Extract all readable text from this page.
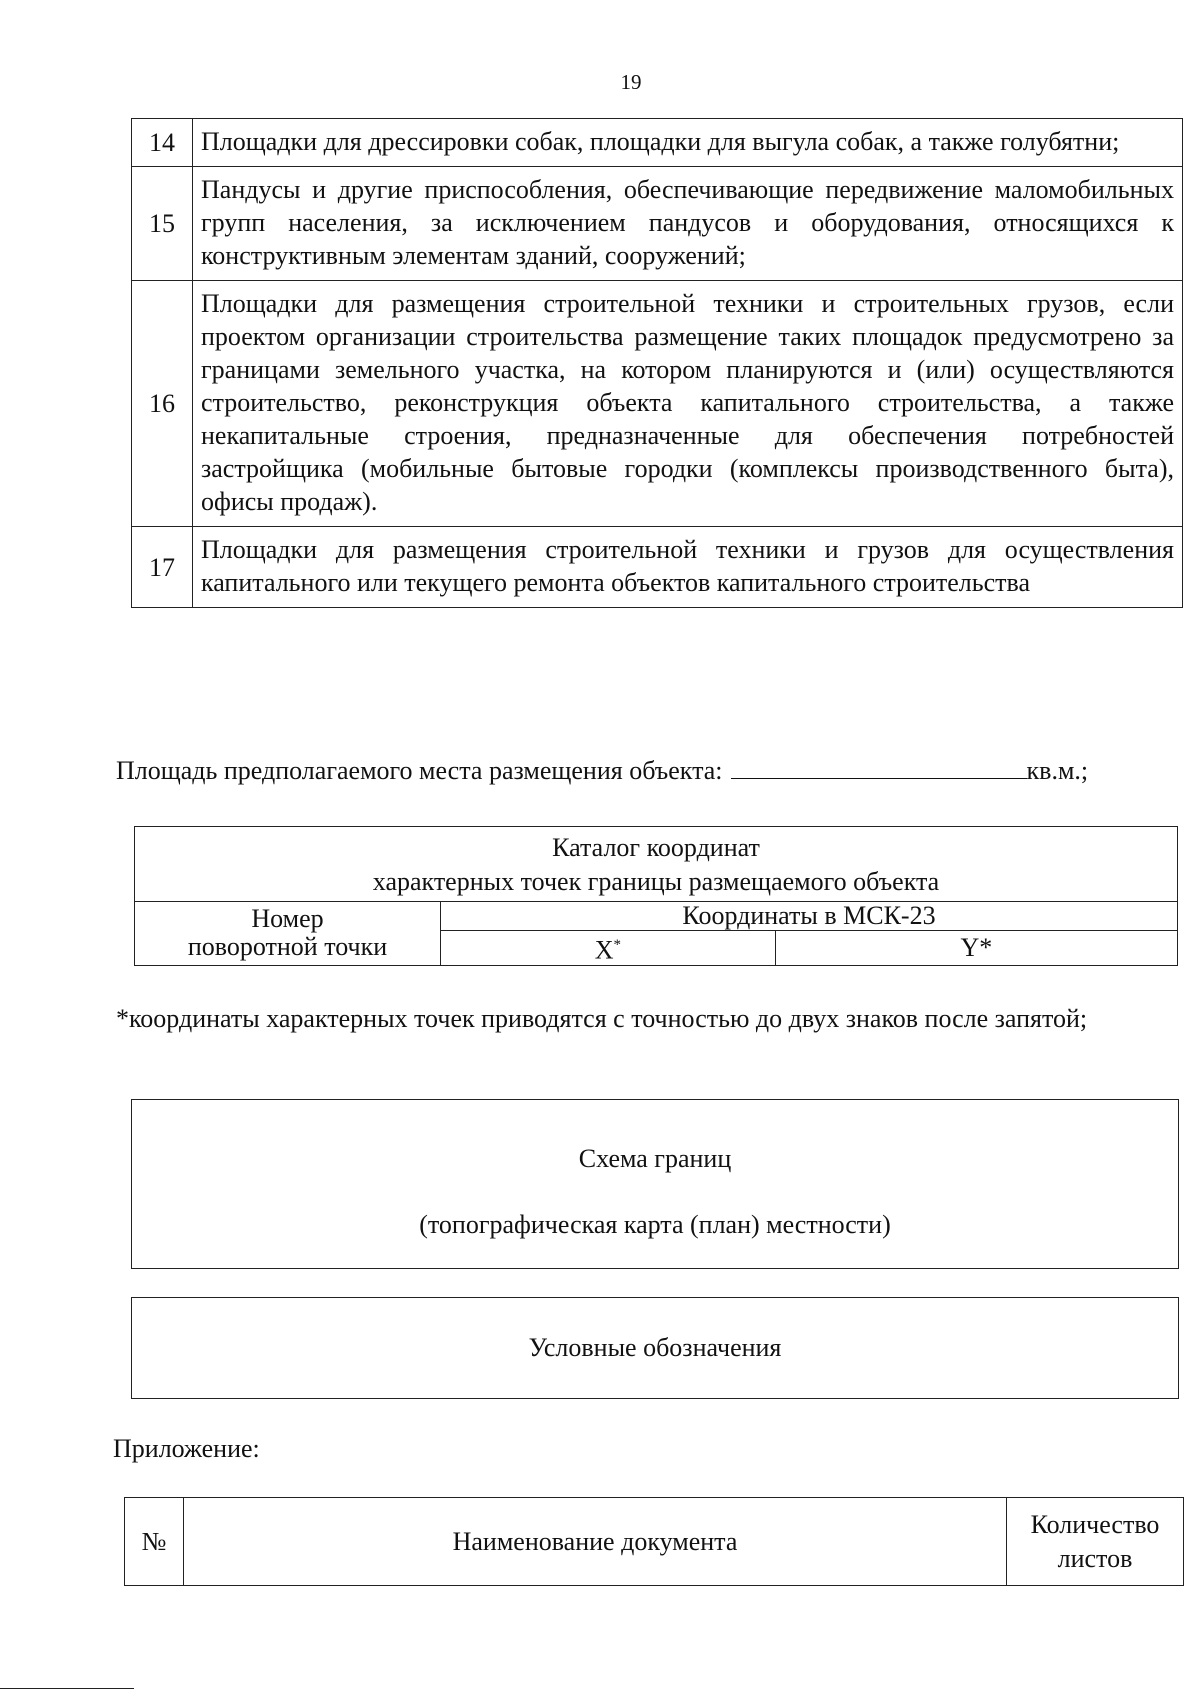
19
14	Площадки для дрессировки собак, площадки для выгула собак, а также голубятни;
15	Пандусы и другие приспособления, обеспечивающие передвижение маломобильных групп населения, за исключением пандусов и оборудования, относящихся к конструктивным элементам зданий, сооружений;
16	Площадки для размещения строительной техники и строительных грузов, если проектом организации строительства размещение таких площадок предусмотрено за границами земельного участка, на котором планируются и (или) осуществляются строительство, реконструкция объекта капитального строительства, а также некапитальные строения, предназначенные для обеспечения потребностей застройщика (мобильные бытовые городки (комплексы производственного быта), офисы продаж).
17	Площадки для размещения строительной техники и грузов для осуществления капитального или текущего ремонта объектов капитального строительства
Площадь предполагаемого места размещения объекта:	кв.м.;
Каталог координат
характерных точек границы размещаемого объекта		

Номер
поворотной точки	Координаты в МСК-23	
	X*	Y*
*координаты характерных точек приводятся с точностью до двух знаков после запятой;
Схема границ
(топографическая карта (план) местности)
Условные обозначения
Приложение:
№	Наименование документа	Количество листов
